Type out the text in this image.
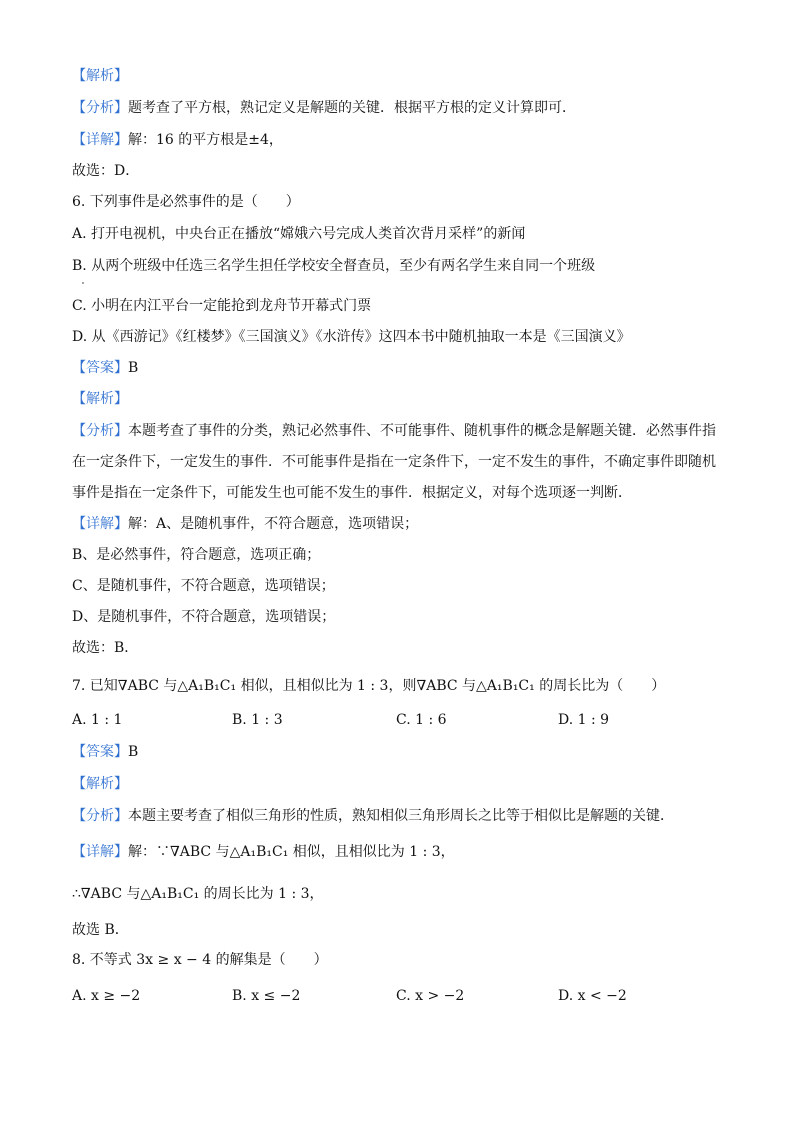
【解析】
【分析】题考查了平方根，熟记定义是解题的关键．根据平方根的定义计算即可．
【详解】解：16 的平方根是±4，
故选：D．
6. 下列事件是必然事件的是（　　）
A. 打开电视机，中央台正在播放“嫦娥六号完成人类首次背月采样”的新闻
B. 从两个班级中任选三名学生担任学校安全督查员，至少有两名学生来自同一个班级
C. 小明在内江平台一定能抢到龙舟节开幕式门票
D. 从《西游记》《红楼梦》《三国演义》《水浒传》这四本书中随机抽取一本是《三国演义》
【答案】B
【解析】
【分析】本题考查了事件的分类，熟记必然事件、不可能事件、随机事件的概念是解题关键．必然事件指
在一定条件下，一定发生的事件．不可能事件是指在一定条件下，一定不发生的事件，不确定事件即随机
事件是指在一定条件下，可能发生也可能不发生的事件．根据定义，对每个选项逐一判断．
【详解】解：A、是随机事件，不符合题意，选项错误；
B、是必然事件，符合题意，选项正确；
C、是随机事件，不符合题意，选项错误；
D、是随机事件，不符合题意，选项错误；
故选：B．
7. 已知∇ABC 与△A₁B₁C₁ 相似，且相似比为 1 : 3，则∇ABC 与△A₁B₁C₁ 的周长比为（　　）
A. 1 : 1	B. 1 : 3	C. 1 : 6	D. 1 : 9
【答案】B
【解析】
【分析】本题主要考查了相似三角形的性质，熟知相似三角形周长之比等于相似比是解题的关键．
【详解】解：∵∇ABC 与△A₁B₁C₁ 相似，且相似比为 1 : 3，
∴∇ABC 与△A₁B₁C₁ 的周长比为 1 : 3，
故选 B．
8. 不等式 3x ≥ x − 4 的解集是（　　）
A. x ≥ −2	B. x ≤ −2	C. x > −2	D. x < −2
